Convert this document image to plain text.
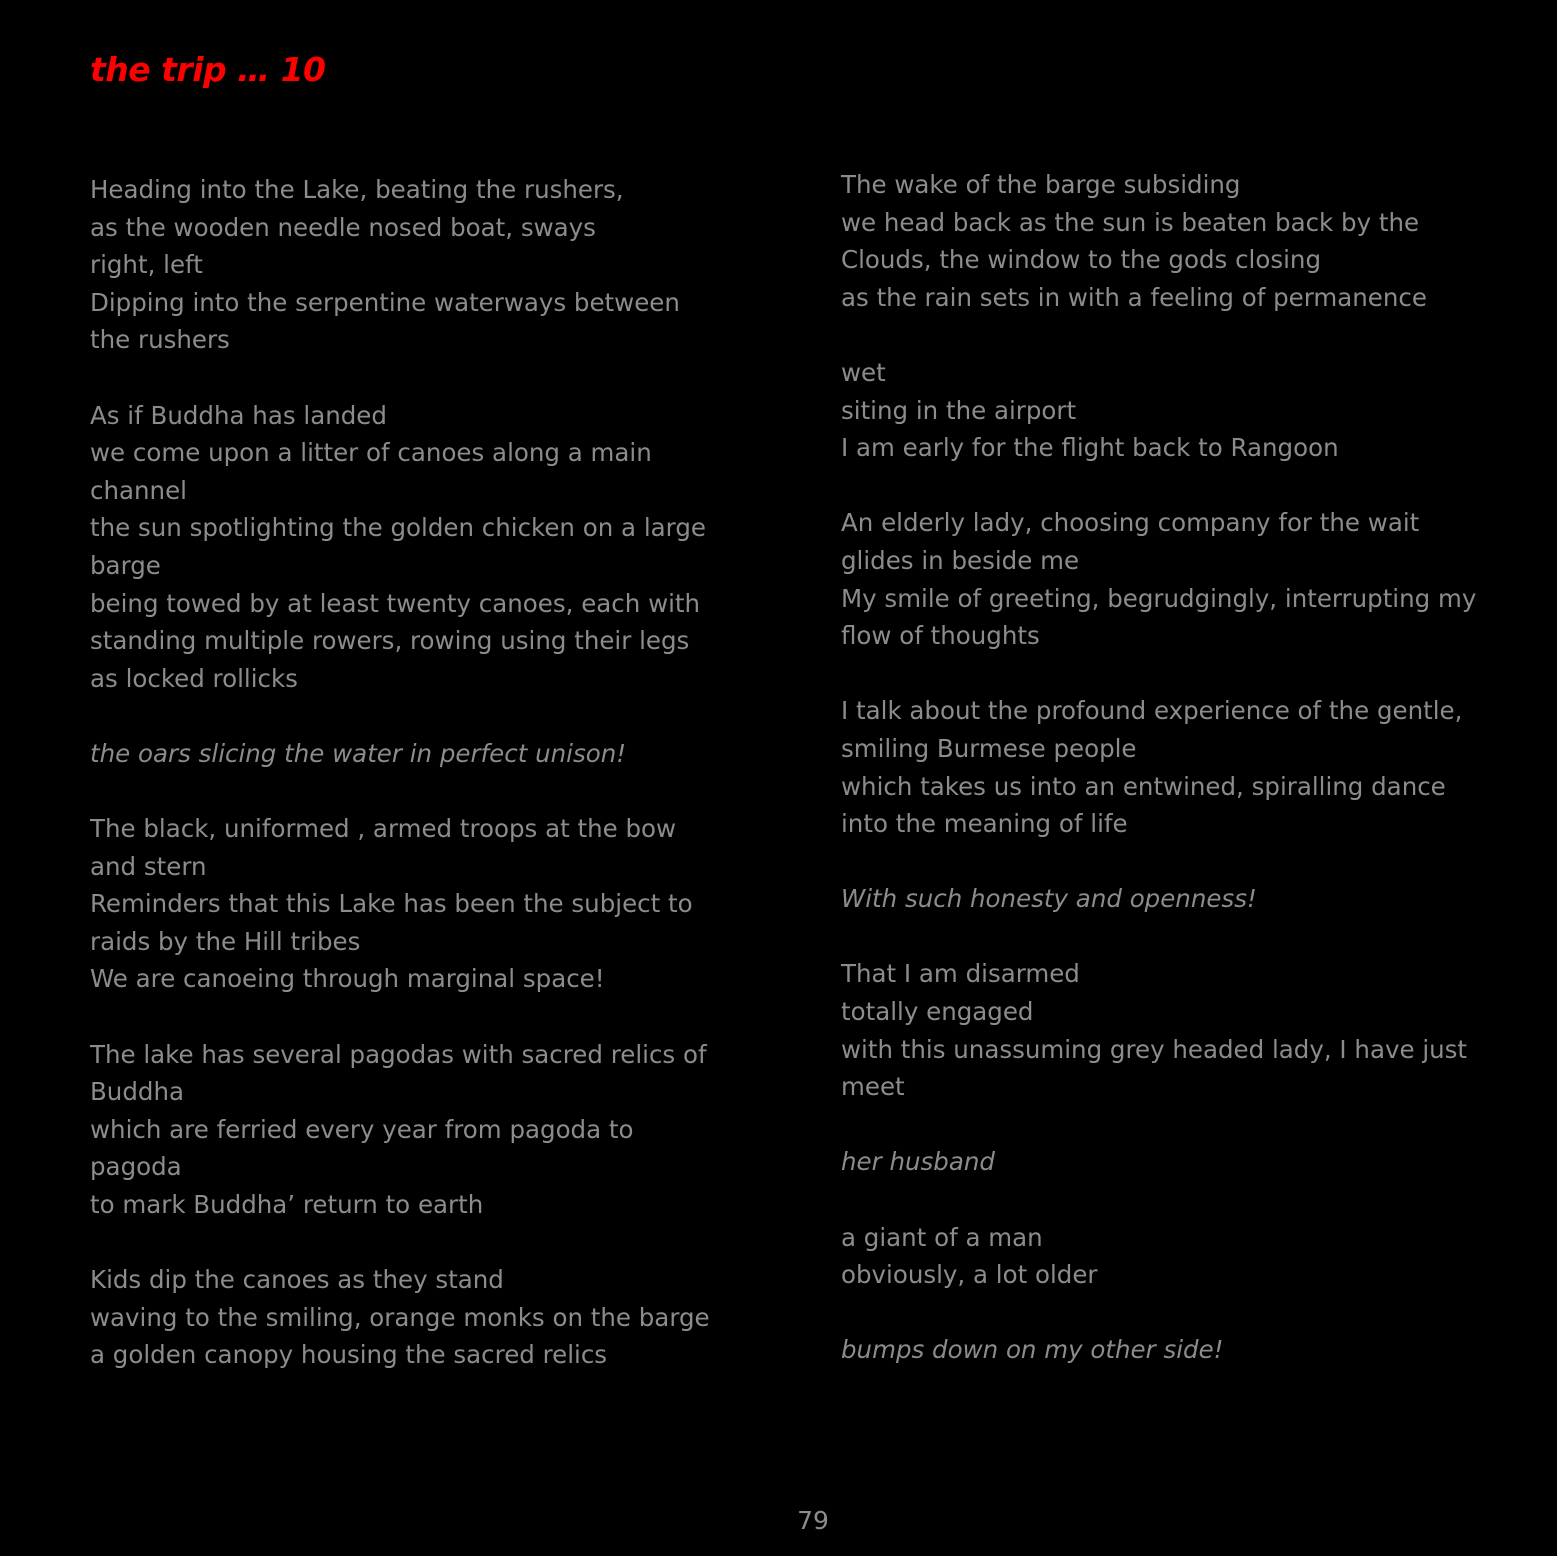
the trip … 10
Heading into the Lake, beating the rushers,
as the wooden needle nosed boat, sways
right, left
Dipping into the serpentine waterways between
the rushers
As if Buddha has landed
we come upon a litter of canoes along a main
channel
the sun spotlighting the golden chicken on a large
barge
being towed by at least twenty canoes, each with
standing multiple rowers, rowing using their legs
as locked rollicks
the oars slicing the water in perfect unison!
The black, uniformed , armed troops at the bow
and stern
Reminders that this Lake has been the subject to
raids by the Hill tribes
We are canoeing through marginal space!
The lake has several pagodas with sacred relics of
Buddha
which are ferried every year from pagoda to
pagoda
to mark Buddha’ return to earth
Kids dip the canoes as they stand
waving to the smiling, orange monks on the barge
a golden canopy housing the sacred relics
The wake of the barge subsiding
we head back as the sun is beaten back by the
Clouds, the window to the gods closing
as the rain sets in with a feeling of permanence
wet
siting in the airport
I am early for the flight back to Rangoon
An elderly lady, choosing company for the wait
glides in beside me
My smile of greeting, begrudgingly, interrupting my
flow of thoughts
I talk about the profound experience of the gentle,
smiling Burmese people
which takes us into an entwined, spiralling dance
into the meaning of life
With such honesty and openness!
That I am disarmed
totally engaged
with this unassuming grey headed lady, I have just
meet
her husband
a giant of a man
obviously, a lot older
bumps down on my other side!
79
